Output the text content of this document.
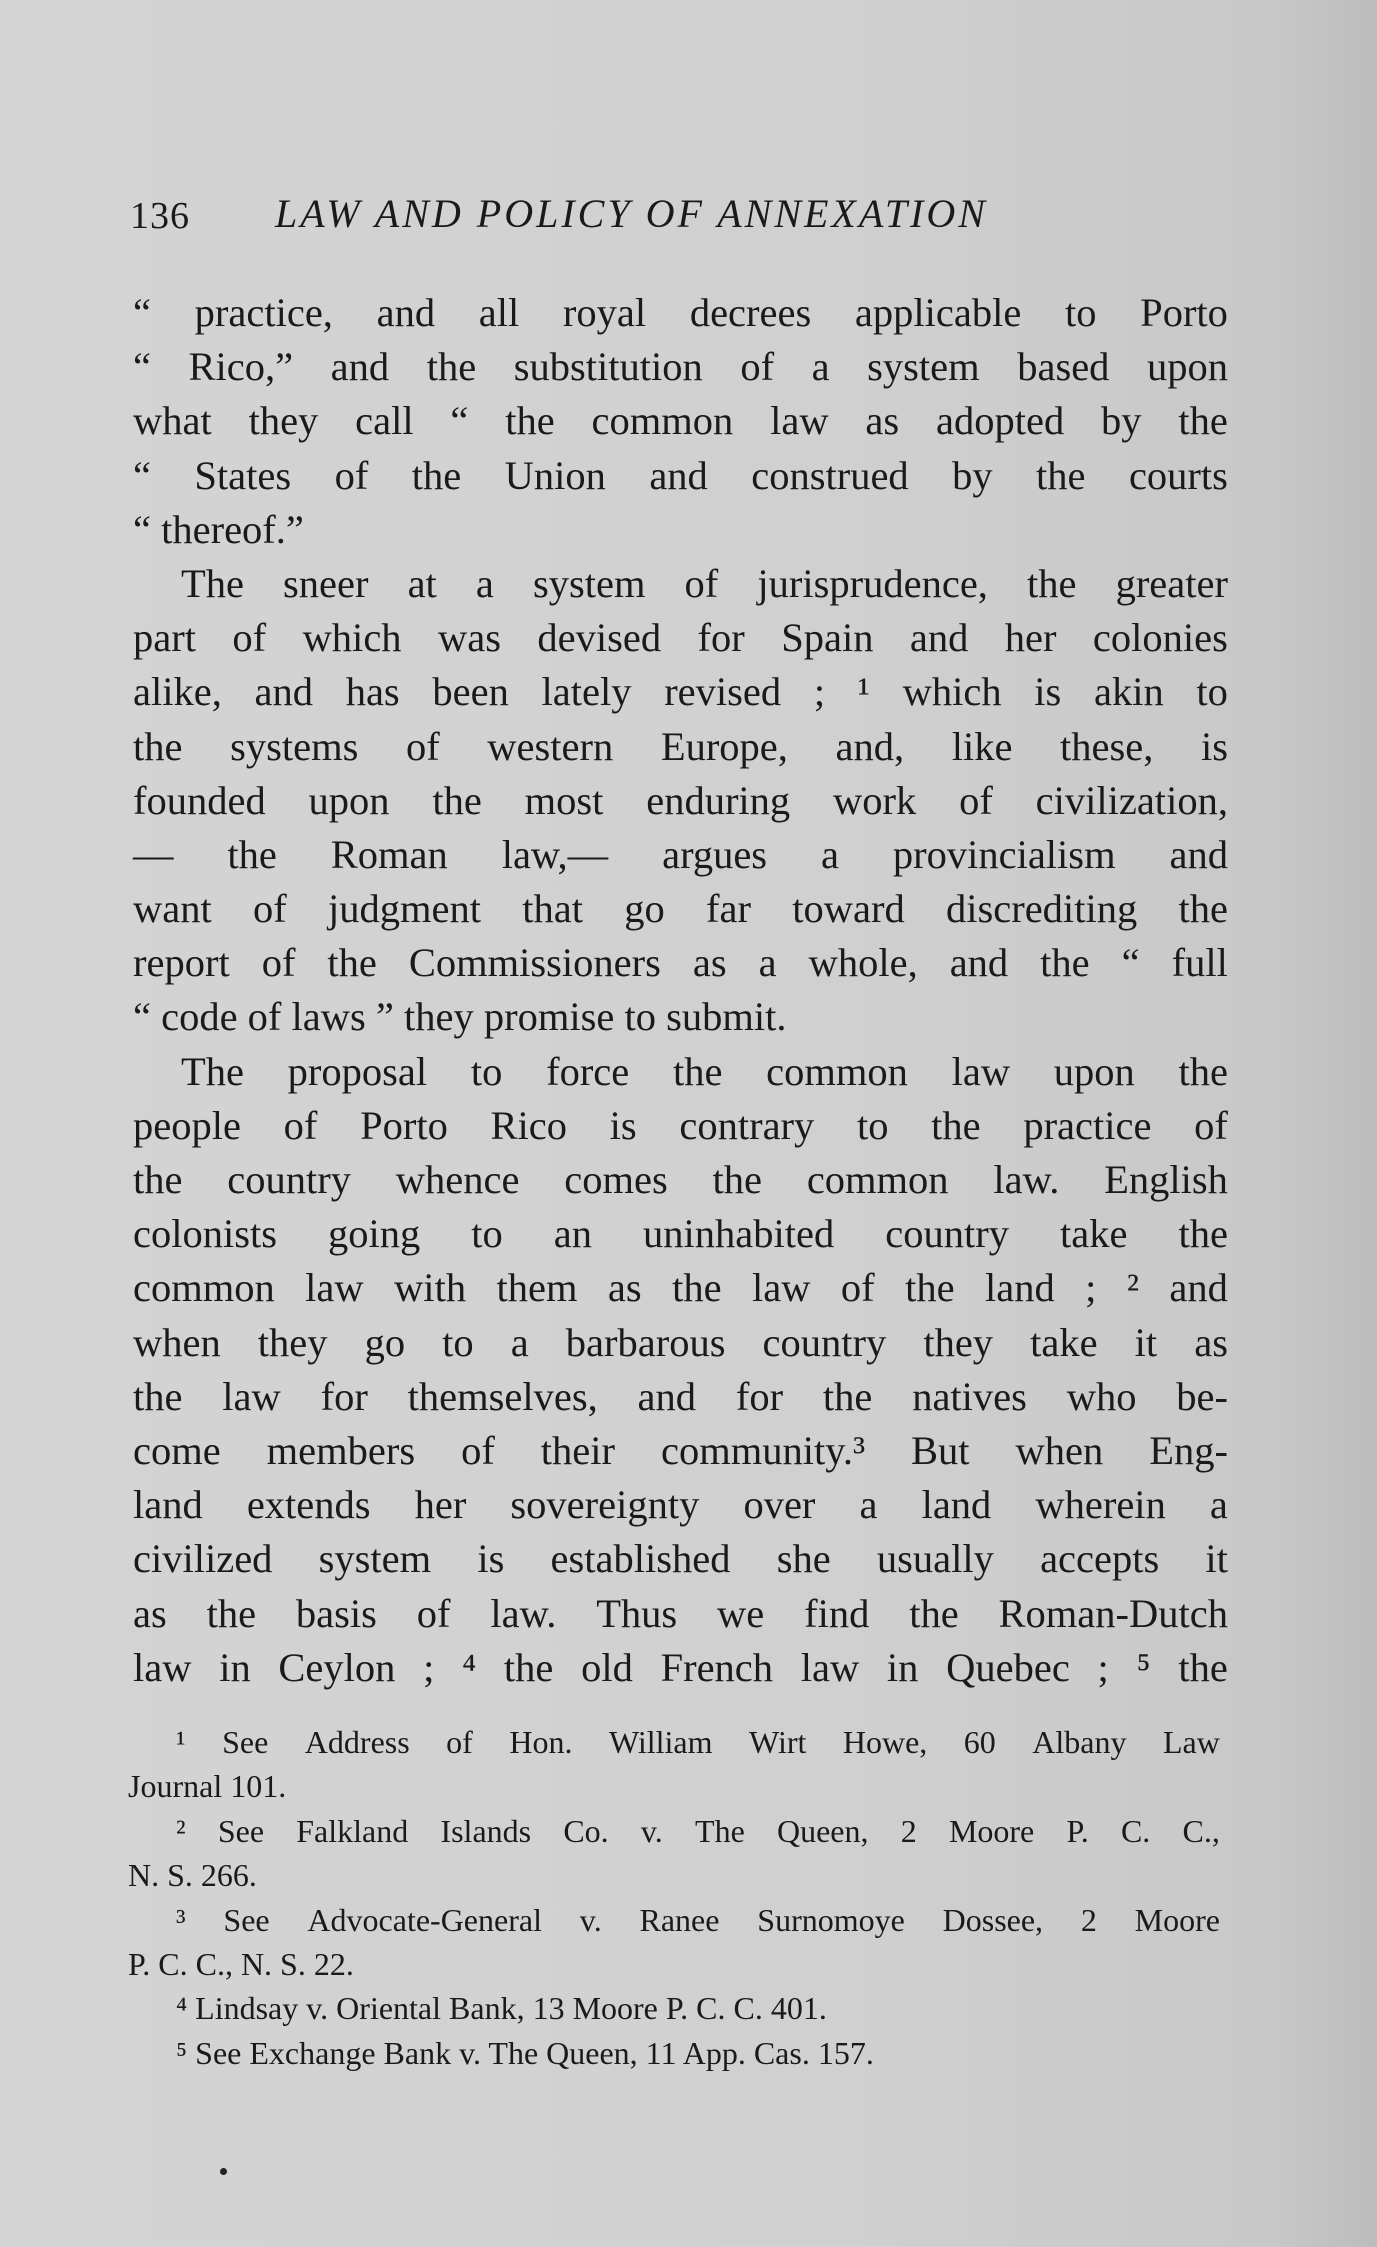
136 LAW AND POLICY OF ANNEXATION
“ practice, and all royal decrees applicable to Porto
“ Rico,” and the substitution of a system based upon
what they call “ the common law as adopted by the
“ States of the Union and construed by the courts
“ thereof.”
The sneer at a system of jurisprudence, the greater
part of which was devised for Spain and her colonies
alike, and has been lately revised ; ¹ which is akin to
the systems of western Europe, and, like these, is
founded upon the most enduring work of civilization,
— the Roman law,— argues a provincialism and
want of judgment that go far toward discrediting the
report of the Commissioners as a whole, and the “ full
“ code of laws ” they promise to submit.
The proposal to force the common law upon the
people of Porto Rico is contrary to the practice of
the country whence comes the common law. English
colonists going to an uninhabited country take the
common law with them as the law of the land ; ² and
when they go to a barbarous country they take it as
the law for themselves, and for the natives who be-
come members of their community.³ But when Eng-
land extends her sovereignty over a land wherein a
civilized system is established she usually accepts it
as the basis of law. Thus we find the Roman-Dutch
law in Ceylon ; ⁴ the old French law in Quebec ; ⁵ the
¹ See Address of Hon. William Wirt Howe, 60 Albany Law
Journal 101.
² See Falkland Islands Co. v. The Queen, 2 Moore P. C. C.,
N. S. 266.
³ See Advocate-General v. Ranee Surnomoye Dossee, 2 Moore
P. C. C., N. S. 22.
⁴ Lindsay v. Oriental Bank, 13 Moore P. C. C. 401.
⁵ See Exchange Bank v. The Queen, 11 App. Cas. 157.
